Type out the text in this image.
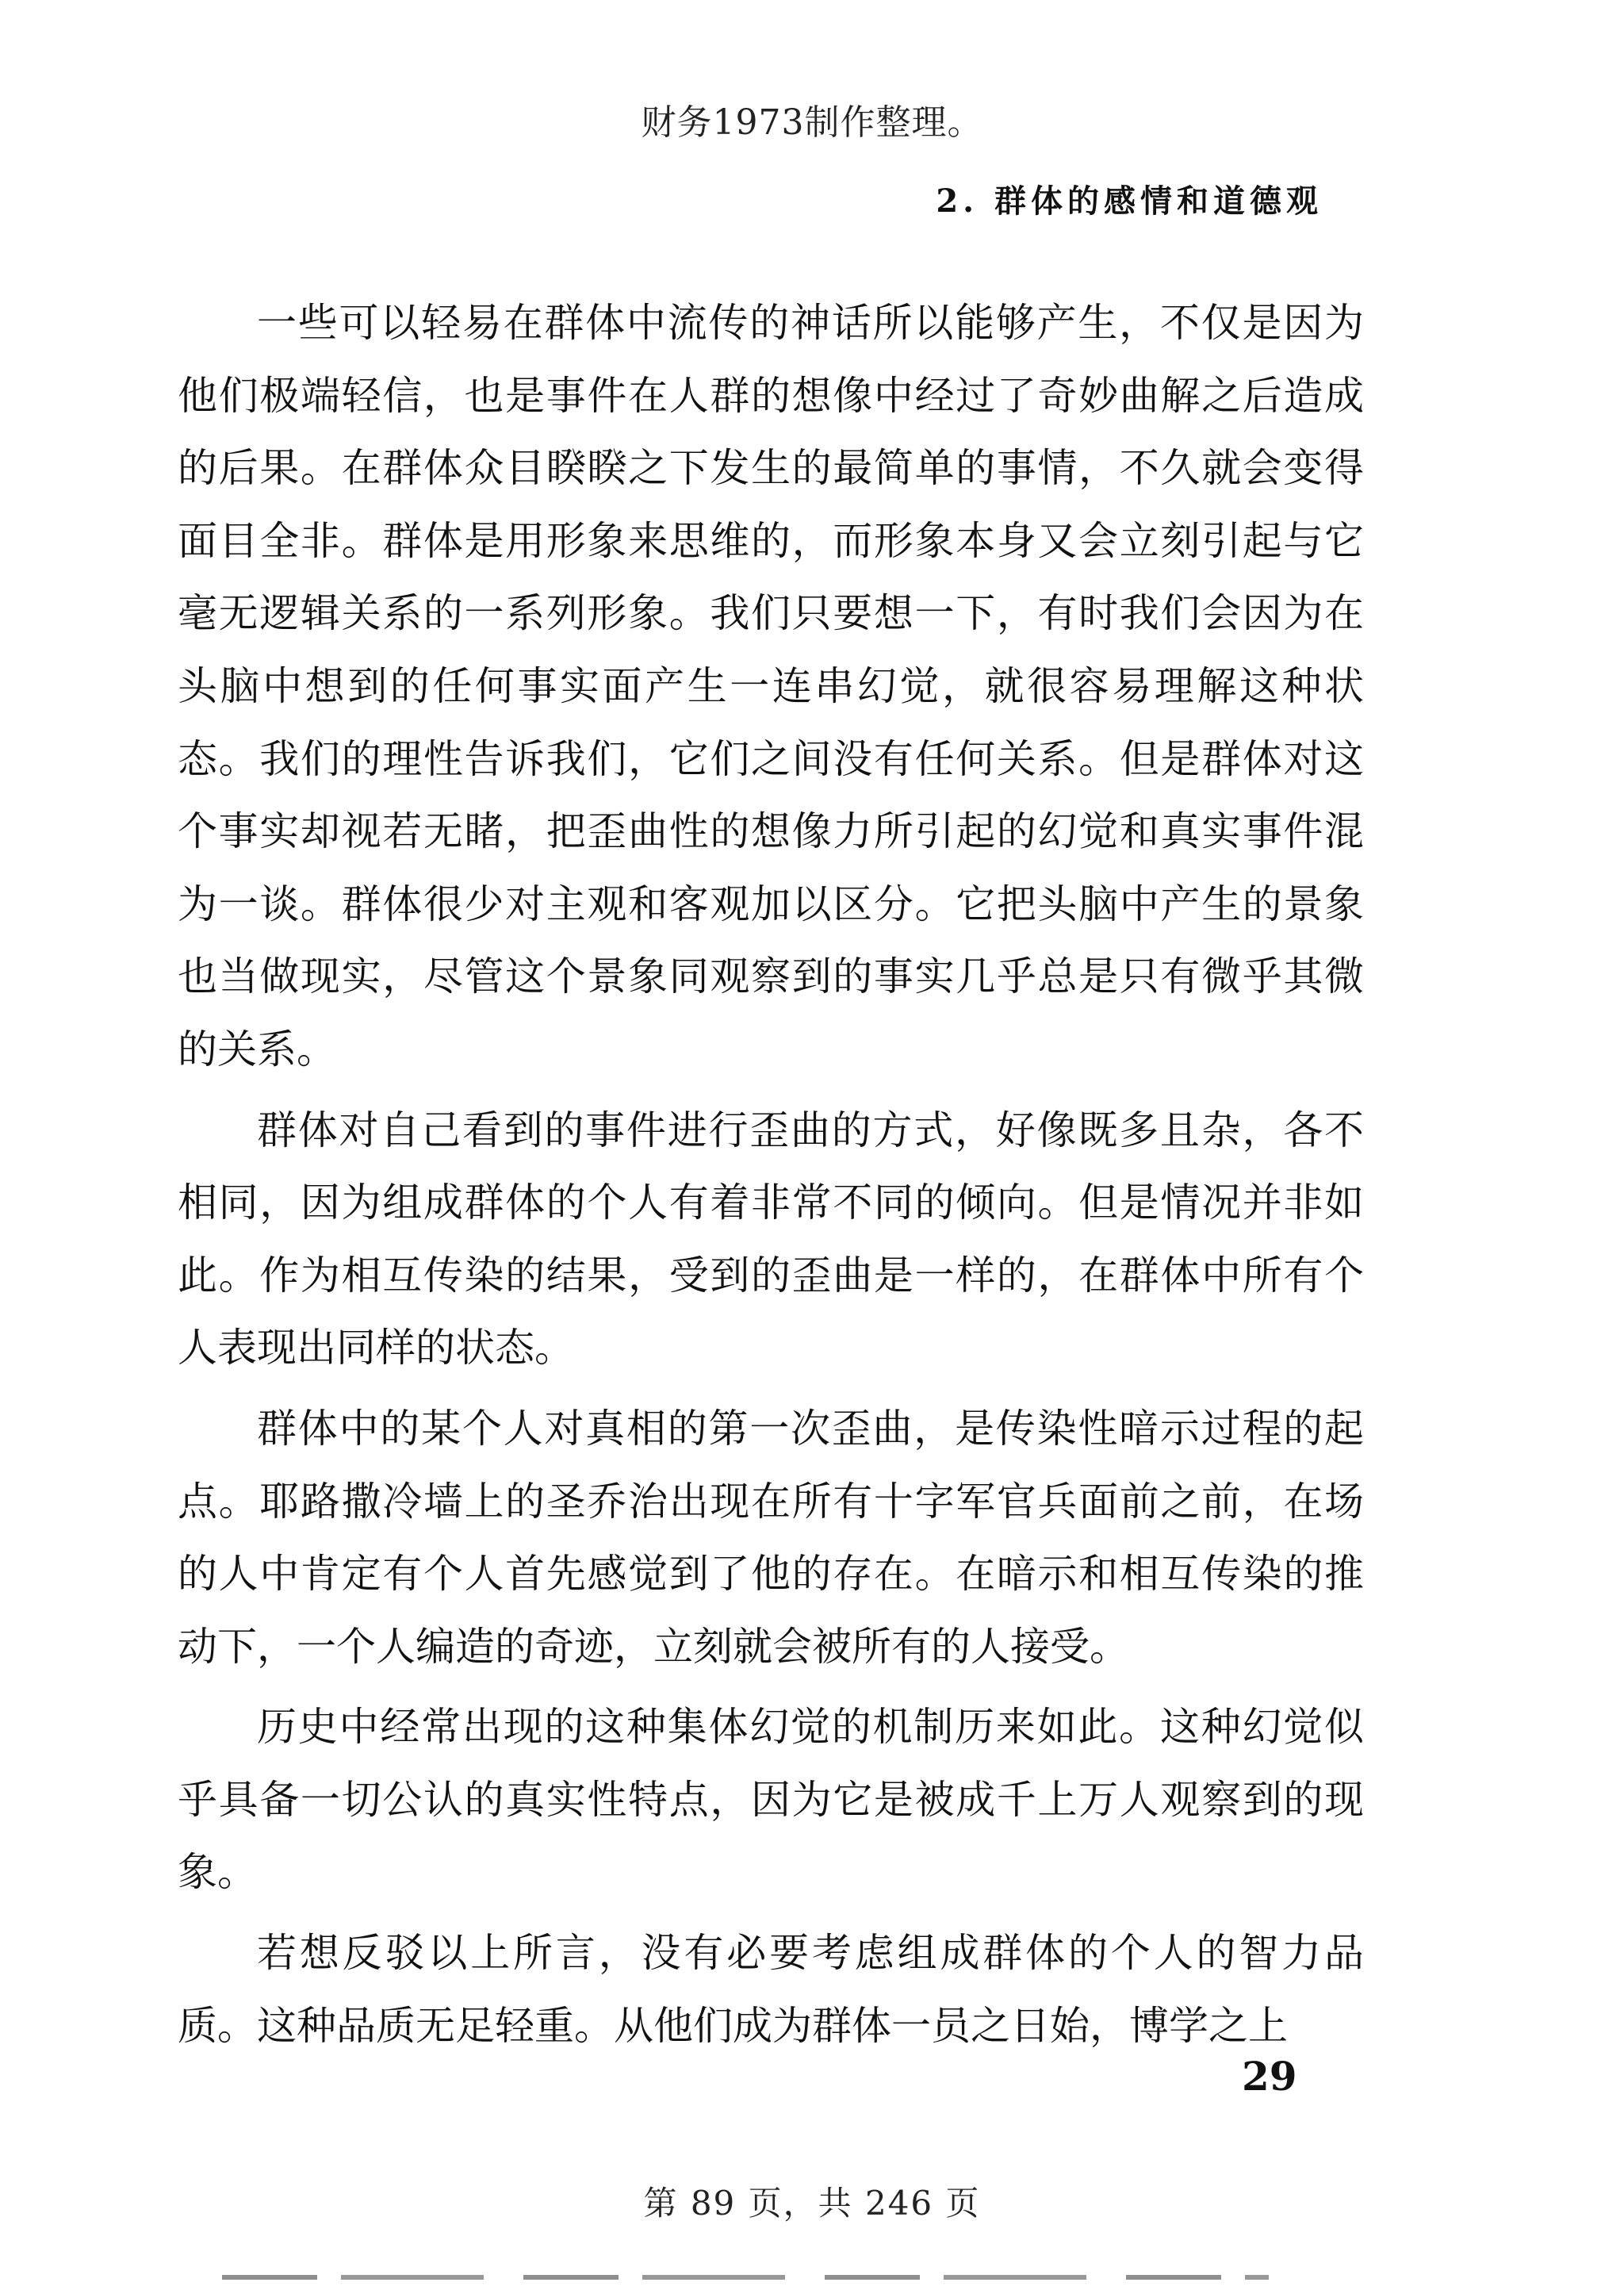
财务1973制作整理。
2. 群体的感情和道德观

一些可以轻易在群体中流传的神话所以能够产生，不仅是因为他们极端轻信，也是事件在人群的想像中经过了奇妙曲解之后造成的后果。在群体众目睽睽之下发生的最简单的事情，不久就会变得面目全非。群体是用形象来思维的，而形象本身又会立刻引起与它毫无逻辑关系的一系列形象。我们只要想一下，有时我们会因为在头脑中想到的任何事实面产生一连串幻觉，就很容易理解这种状态。我们的理性告诉我们，它们之间没有任何关系。但是群体对这个事实却视若无睹，把歪曲性的想像力所引起的幻觉和真实事件混为一谈。群体很少对主观和客观加以区分。它把头脑中产生的景象也当做现实，尽管这个景象同观察到的事实几乎总是只有微乎其微的关系。

群体对自己看到的事件进行歪曲的方式，好像既多且杂，各不相同，因为组成群体的个人有着非常不同的倾向。但是情况并非如此。作为相互传染的结果，受到的歪曲是一样的，在群体中所有个人表现出同样的状态。

群体中的某个人对真相的第一次歪曲，是传染性暗示过程的起点。耶路撒冷墙上的圣乔治出现在所有十字军官兵面前之前，在场的人中肯定有个人首先感觉到了他的存在。在暗示和相互传染的推动下，一个人编造的奇迹，立刻就会被所有的人接受。

历史中经常出现的这种集体幻觉的机制历来如此。这种幻觉似乎具备一切公认的真实性特点，因为它是被成千上万人观察到的现象。

若想反驳以上所言，没有必要考虑组成群体的个人的智力品质。这种品质无足轻重。从他们成为群体一员之日始，博学之上

29
第 89 页，共 246 页
